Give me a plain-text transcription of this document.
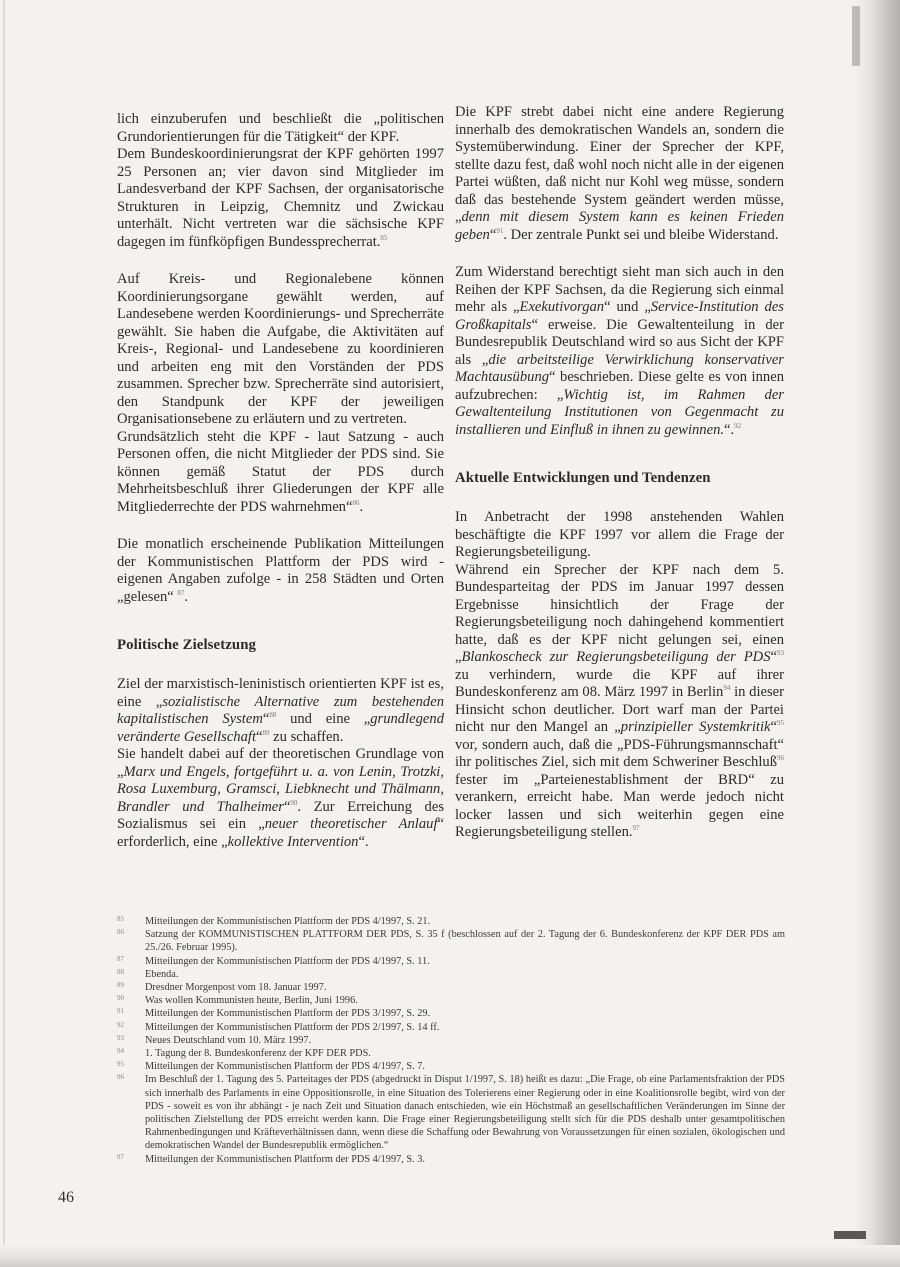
lich einzuberufen und beschließt die „politischen Grundorientierungen für die Tätigkeit“ der KPF.

Dem Bundeskoordinierungsrat der KPF gehörten 1997 25 Personen an; vier davon sind Mitglieder im Landesverband der KPF Sachsen, der organisatorische Strukturen in Leipzig, Chemnitz und Zwickau unterhält. Nicht vertreten war die sächsische KPF dagegen im fünfköpfigen Bundessprecherrat.$^{85}$

Auf Kreis- und Regionalebene können Koordinierungsorgane gewählt werden, auf Landesebene werden Koordinierungs- und Sprecherräte gewählt. Sie haben die Aufgabe, die Aktivitäten auf Kreis-, Regional- und Landesebene zu koordinieren und arbeiten eng mit den Vorständen der PDS zusammen. Sprecher bzw. Sprecherräte sind autorisiert, den Standpunk der KPF der jeweiligen Organisationsebene zu erläutern und zu vertreten.

Grundsätzlich steht die KPF - laut Satzung - auch Personen offen, die nicht Mitglieder der PDS sind. Sie können gemäß Statut der PDS durch Mehrheitsbeschluß ihrer Gliederungen der KPF alle Mitgliederrechte der PDS wahrnehmen“$^{86}$.

Die monatlich erscheinende Publikation Mitteilungen der Kommunistischen Plattform der PDS wird - eigenen Angaben zufolge - in 258 Städten und Orten „gelesen“ $^{87}$.

Politische Zielsetzung

Ziel der marxistisch-leninistisch orientierten KPF ist es, eine „sozialistische Alternative zum bestehenden kapitalistischen System“$^{88}$ und eine „grundlegend veränderte Gesellschaft“$^{89}$ zu schaffen.

Sie handelt dabei auf der theoretischen Grundlage von „Marx und Engels, fortgeführt u. a. von Lenin, Trotzki, Rosa Luxemburg, Gramsci, Liebknecht und Thälmann, Brandler und Thalheimer“$^{90}$. Zur Erreichung des Sozialismus sei ein „neuer theoretischer Anlauf“ erforderlich, eine „kollektive Intervention“.

Die KPF strebt dabei nicht eine andere Regierung innerhalb des demokratischen Wandels an, sondern die Systemüberwindung. Einer der Sprecher der KPF, stellte dazu fest, daß wohl noch nicht alle in der eigenen Partei wüßten, daß nicht nur Kohl weg müsse, sondern daß das bestehende System geändert werden müsse, „denn mit diesem System kann es keinen Frieden geben“$^{91}$. Der zentrale Punkt sei und bleibe Widerstand.

Zum Widerstand berechtigt sieht man sich auch in den Reihen der KPF Sachsen, da die Regierung sich einmal mehr als „Exekutivorgan“ und „Service-Institution des Großkapitals“ erweise. Die Gewaltenteilung in der Bundesrepublik Deutschland wird so aus Sicht der KPF als „die arbeitsteilige Verwirklichung konservativer Machtausübung“ beschrieben. Diese gelte es von innen aufzubrechen: „Wichtig ist, im Rahmen der Gewaltenteilung Institutionen von Gegenmacht zu installieren und Einfluß in ihnen zu gewinnen.“.$^{92}$

Aktuelle Entwicklungen und Tendenzen

In Anbetracht der 1998 anstehenden Wahlen beschäftigte die KPF 1997 vor allem die Frage der Regierungsbeteiligung.

Während ein Sprecher der KPF nach dem 5. Bundesparteitag der PDS im Januar 1997 dessen Ergebnisse hinsichtlich der Frage der Regierungsbeteiligung noch dahingehend kommentiert hatte, daß es der KPF nicht gelungen sei, einen „Blankoscheck zur Regierungsbeteiligung der PDS“$^{93}$ zu verhindern, wurde die KPF auf ihrer Bundeskonferenz am 08. März 1997 in Berlin$^{94}$ in dieser Hinsicht schon deutlicher. Dort warf man der Partei nicht nur den Mangel an „prinzipieller Systemkritik“$^{95}$ vor, sondern auch, daß die „PDS-Führungsmannschaft“ ihr politisches Ziel, sich mit dem Schweriner Beschluß$^{96}$ fester im „Parteienestablishment der BRD“ zu verankern, erreicht habe. Man werde jedoch nicht locker lassen und sich weiterhin gegen eine Regierungsbeteiligung stellen.$^{97}$

85	Mitteilungen der Kommunistischen Plattform der PDS 4/1997, S. 21.
86	Satzung der KOMMUNISTISCHEN PLATTFORM DER PDS, S. 35 f (beschlossen auf der 2. Tagung der 6. Bundeskonferenz der KPF DER PDS am 25./26. Februar 1995).
87	Mitteilungen der Kommunistischen Plattform der PDS 4/1997, S. 11.
88	Ebenda.
89	Dresdner Morgenpost vom 18. Januar 1997.
90	Was wollen Kommunisten heute, Berlin, Juni 1996.
91	Mitteilungen der Kommunistischen Plattform der PDS 3/1997, S. 29.
92	Mitteilungen der Kommunistischen Plattform der PDS 2/1997, S. 14 ff.
93	Neues Deutschland vom 10. März 1997.
94	1. Tagung der 8. Bundeskonferenz der KPF DER PDS.
95	Mitteilungen der Kommunistischen Plattform der PDS 4/1997, S. 7.
96	Im Beschluß der 1. Tagung des 5. Parteitages der PDS (abgedruckt in Disput 1/1997, S. 18) heißt es dazu: „Die Frage, ob eine Parlamentsfraktion der PDS sich innerhalb des Parlaments in eine Oppositionsrolle, in eine Situation des Tolerierens einer Regierung oder in eine Koalitionsrolle begibt, wird von der PDS - soweit es von ihr abhängt - je nach Zeit und Situation danach entschieden, wie ein Höchstmaß an gesellschaftlichen Veränderungen im Sinne der politischen Zielstellung der PDS erreicht werden kann. Die Frage einer Regierungsbeteiligung stellt sich für die PDS deshalb unter gesamtpolitischen Rahmenbedingungen und Kräfteverhältnissen dann, wenn diese die Schaffung oder Bewahrung von Voraussetzungen für einen sozialen, ökologischen und demokratischen Wandel der Bundesrepublik ermöglichen.“
97	Mitteilungen der Kommunistischen Plattform der PDS 4/1997, S. 3.
46
